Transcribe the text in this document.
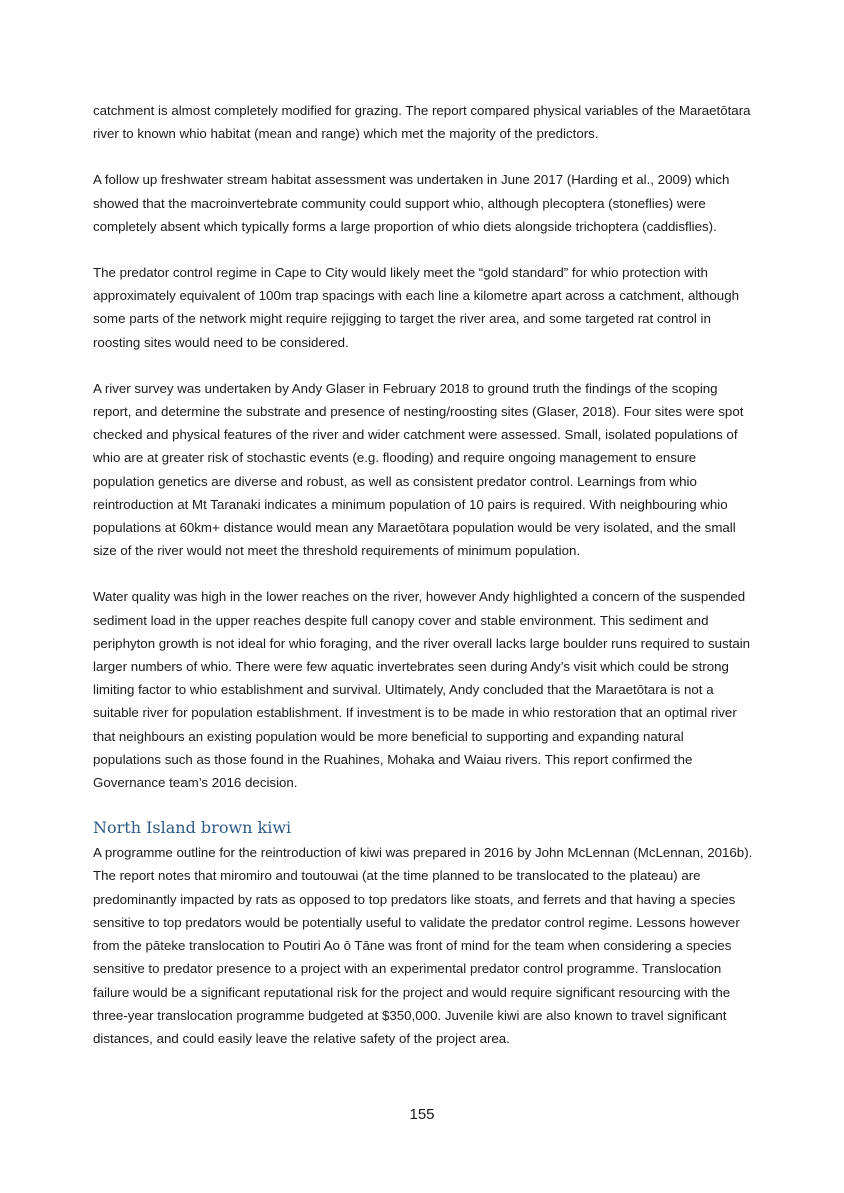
catchment is almost completely modified for grazing. The report compared physical variables of the Maraetōtara river to known whio habitat (mean and range) which met the majority of the predictors.

A follow up freshwater stream habitat assessment was undertaken in June 2017 (Harding et al., 2009) which showed that the macroinvertebrate community could support whio, although plecoptera (stoneflies) were completely absent which typically forms a large proportion of whio diets alongside trichoptera (caddisflies).

The predator control regime in Cape to City would likely meet the “gold standard” for whio protection with approximately equivalent of 100m trap spacings with each line a kilometre apart across a catchment, although some parts of the network might require rejigging to target the river area, and some targeted rat control in roosting sites would need to be considered.

A river survey was undertaken by Andy Glaser in February 2018 to ground truth the findings of the scoping report, and determine the substrate and presence of nesting/roosting sites (Glaser, 2018). Four sites were spot checked and physical features of the river and wider catchment were assessed. Small, isolated populations of whio are at greater risk of stochastic events (e.g. flooding) and require ongoing management to ensure population genetics are diverse and robust, as well as consistent predator control. Learnings from whio reintroduction at Mt Taranaki indicates a minimum population of 10 pairs is required. With neighbouring whio populations at 60km+ distance would mean any Maraetōtara population would be very isolated, and the small size of the river would not meet the threshold requirements of minimum population.

Water quality was high in the lower reaches on the river, however Andy highlighted a concern of the suspended sediment load in the upper reaches despite full canopy cover and stable environment. This sediment and periphyton growth is not ideal for whio foraging, and the river overall lacks large boulder runs required to sustain larger numbers of whio. There were few aquatic invertebrates seen during Andy’s visit which could be strong limiting factor to whio establishment and survival. Ultimately, Andy concluded that the Maraetōtara is not a suitable river for population establishment. If investment is to be made in whio restoration that an optimal river that neighbours an existing population would be more beneficial to supporting and expanding natural populations such as those found in the Ruahines, Mohaka and Waiau rivers. This report confirmed the Governance team’s 2016 decision.

North Island brown kiwi

A programme outline for the reintroduction of kiwi was prepared in 2016 by John McLennan (McLennan, 2016b). The report notes that miromiro and toutouwai (at the time planned to be translocated to the plateau) are predominantly impacted by rats as opposed to top predators like stoats, and ferrets and that having a species sensitive to top predators would be potentially useful to validate the predator control regime. Lessons however from the pāteke translocation to Poutiri Ao ō Tāne was front of mind for the team when considering a species sensitive to predator presence to a project with an experimental predator control programme. Translocation failure would be a significant reputational risk for the project and would require significant resourcing with the three-year translocation programme budgeted at $350,000. Juvenile kiwi are also known to travel significant distances, and could easily leave the relative safety of the project area.

155
